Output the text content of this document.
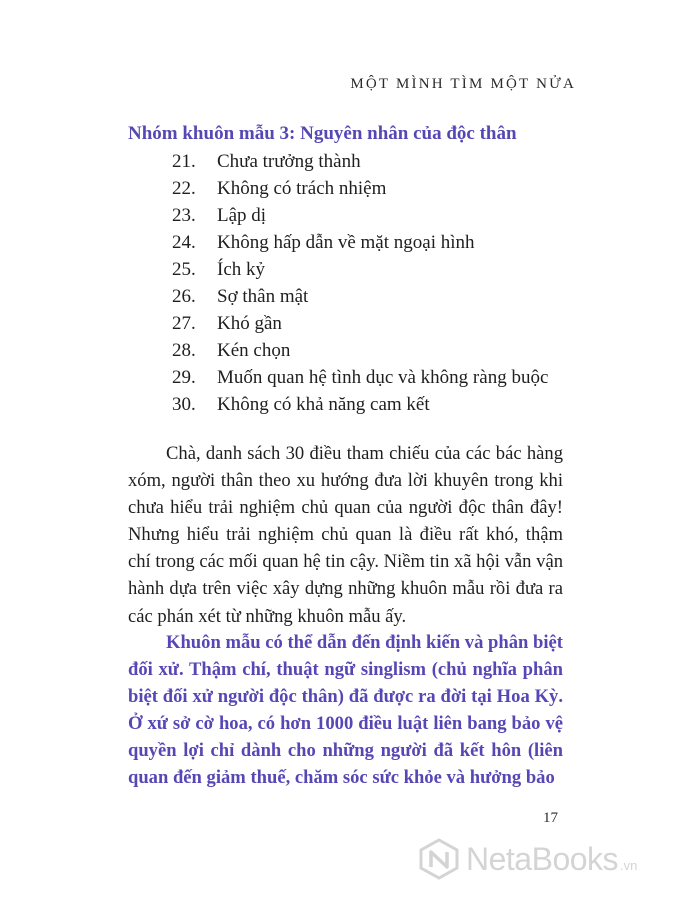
MỘT MÌNH TÌM MỘT NỬA
Nhóm khuôn mẫu 3: Nguyên nhân của độc thân
21.	Chưa trưởng thành
22.	Không có trách nhiệm
23.	Lập dị
24.	Không hấp dẫn về mặt ngoại hình
25.	Ích kỷ
26.	Sợ thân mật
27.	Khó gần
28.	Kén chọn
29.	Muốn quan hệ tình dục và không ràng buộc
30.	Không có khả năng cam kết

Chà, danh sách 30 điều tham chiếu của các bác hàng xóm, người thân theo xu hướng đưa lời khuyên trong khi chưa hiểu trải nghiệm chủ quan của người độc thân đây! Nhưng hiểu trải nghiệm chủ quan là điều rất khó, thậm chí trong các mối quan hệ tin cậy. Niềm tin xã hội vẫn vận hành dựa trên việc xây dựng những khuôn mẫu rồi đưa ra các phán xét từ những khuôn mẫu ấy.

Khuôn mẫu có thể dẫn đến định kiến và phân biệt đối xử. Thậm chí, thuật ngữ singlism (chủ nghĩa phân biệt đối xử người độc thân) đã được ra đời tại Hoa Kỳ. Ở xứ sở cờ hoa, có hơn 1000 điều luật liên bang bảo vệ quyền lợi chỉ dành cho những người đã kết hôn (liên quan đến giảm thuế, chăm sóc sức khỏe và hưởng bảo

17
NetaBooks .vn
